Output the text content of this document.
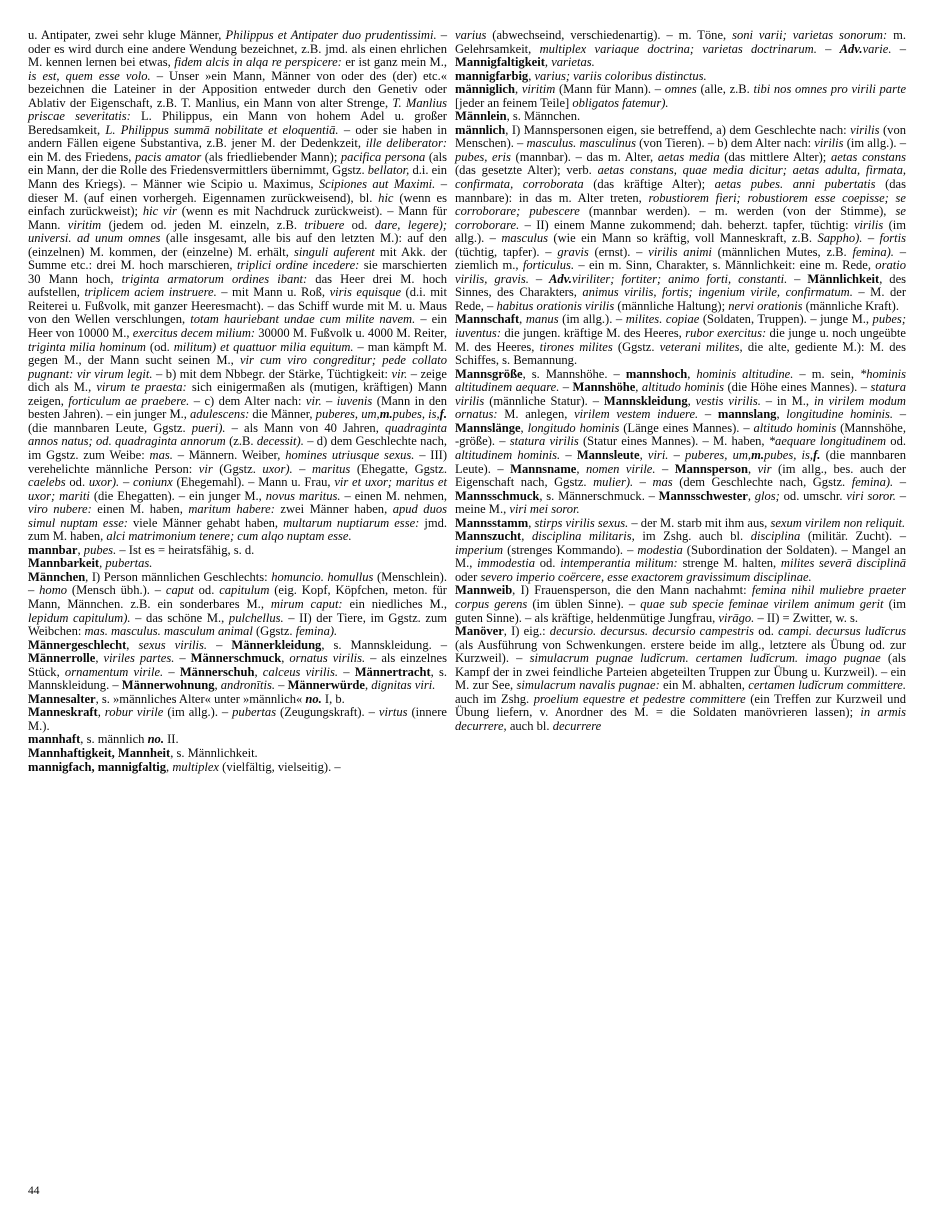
u. Antipater, zwei sehr kluge Männer, Philippus et Antipater duo prudentissimi. – oder es wird durch eine andere Wendung bezeichnet, z.B. jmd. als einen ehrlichen M. kennen lernen bei etwas, fidem alcis in alqa re perspicere: er ist ganz mein M., is est, quem esse volo. – Unser »ein Mann, Männer von oder des (der) etc.« bezeichnen die Lateiner in der Apposition entweder durch den Genetiv oder Ablativ der Eigenschaft, z.B. T. Manlius, ein Mann von alter Strenge, T. Manlius priscae severitatis: L. Philippus, ein Mann von hohem Adel u. großer Beredsamkeit, L. Philippus summā nobilitate et eloquentiā. – oder sie haben in andern Fällen eigene Substantiva, z.B. jener M. der Dedenkzeit, ille deliberator: ein M. des Friedens, pacis amator (als friedliebender Mann); pacifica persona (als ein Mann, der die Rolle des Friedensvermittlers übernimmt, Ggstz. bellator, d.i. ein Mann des Kriegs). – Männer wie Scipio u. Maximus, Scipiones aut Maximi. – dieser M. (auf einen vorhergeh. Eigennamen zurückweisend), bl. hic (wenn es einfach zurückweist); hic vir (wenn es mit Nachdruck zurückweist). – Mann für Mann. viritim (jedem od. jeden M. einzeln, z.B. tribuere od. dare, legere); universi. ad unum omnes (alle insgesamt, alle bis auf den letzten M.): auf den (einzelnen) M. kommen, der (einzelne) M. erhält, singuli auferent mit Akk. der Summe etc.: drei M. hoch marschieren, triplici ordine incedere: sie marschierten 30 Mann hoch, triginta armatorum ordines ibant: das Heer drei M. hoch aufstellen, triplicem aciem instruere. – mit Mann u. Roß, viris equisque (d.i. mit Reiterei u. Fußvolk, mit ganzer Heeresmacht). – das Schiff wurde mit M. u. Maus von den Wellen verschlungen, totam hauriebant undae cum milite navem. – ein Heer von 10000 M., exercitus decem milium: 30000 M. Fußvolk u. 4000 M. Reiter, triginta milia hominum (od. militum) et quattuor milia equitum. – man kämpft M. gegen M., der Mann sucht seinen M., vir cum viro congreditur; pede collato pugnant: vir virum legit. – b) mit dem Nbbegr. der Stärke, Tüchtigkeit: vir. – zeige dich als M., virum te praesta: sich einigermaßen als (mutigen, kräftigen) Mann zeigen, forticulum ae praebere. – c) dem Alter nach: vir. – iuvenis (Mann in den besten Jahren). – ein junger M., adulescens: die Männer, puberes, um,m.pubes, is,f. (die mannbaren Leute, Ggstz. pueri). – als Mann von 40 Jahren, quadraginta annos natus; od. quadraginta annorum (z.B. decessit). – d) dem Geschlechte nach, im Ggstz. zum Weibe: mas. – Männern. Weiber, homines utriusque sexus. – III) verehelichte männliche Person: vir (Ggstz. uxor). – maritus (Ehegatte, Ggstz. caelebs od. uxor). – coniunx (Ehegemahl). – Mann u. Frau, vir et uxor; maritus et uxor; mariti (die Ehegatten). – ein junger M., novus maritus. – einen M. nehmen, viro nubere: einen M. haben, maritum habere: zwei Männer haben, apud duos simul nuptam esse: viele Männer gehabt haben, multarum nuptiarum esse: jmd. zum M. haben, alci matrimonium tenere; cum alqo nuptam esse.

mannbar, pubes. – Ist es = heiratsfähig, s. d.

Mannbarkeit, pubertas.

Männchen, I) Person männlichen Geschlechts: homuncio. homullus (Menschlein). – homo (Mensch übh.). – caput od. capitulum (eig. Kopf, Köpfchen, meton. für Mann, Männchen. z.B. ein sonderbares M., mirum caput: ein niedliches M., lepidum capitulum). – das schöne M., pulchellus. – II) der Tiere, im Ggstz. zum Weibchen: mas. masculus. masculum animal (Ggstz. femina).

Männergeschlecht, sexus virilis. – Männerkleidung, s. Mannskleidung. – Männerrolle, viriles partes. – Männerschmuck, ornatus virilis. – als einzelnes Stück, ornamentum virile. – Männerschuh, calceus virilis. – Männertracht, s. Mannskleidung. – Männerwohnung, andronītis. – Männerwürde, dignitas viri.

Mannesalter, s. »männliches Alter« unter »männlich« no. I, b.

Manneskraft, robur virile (im allg.). – pubertas (Zeugungskraft). – virtus (innere M.).

mannhaft, s. männlich no. II.

Mannhaftigkeit, Mannheit, s. Männlichkeit.

mannigfach, mannigfaltig, multiplex (vielfältig, vielseitig). –

varius (abwechseind, verschiedenartig). – m. Töne, soni varii; varietas sonorum: m. Gelehrsamkeit, multiplex variaque doctrina; varietas doctrinarum. – Adv.varie. – Mannigfaltigkeit, varietas.

mannigfarbig, varius; variis coloribus distinctus.

männiglich, viritim (Mann für Mann). – omnes (alle, z.B. tibi nos omnes pro virili parte [jeder an feinem Teile] obligatos fatemur).

Männlein, s. Männchen.

männlich, I) Mannspersonen eigen, sie betreffend, a) dem Geschlechte nach: virilis (von Menschen). – masculus. masculinus (von Tieren). – b) dem Alter nach: virilis (im allg.). – pubes, eris (mannbar). – das m. Alter, aetas media (das mittlere Alter); aetas constans (das gesetzte Alter); verb. aetas constans, quae media dicitur; aetas adulta, firmata, confirmata, corroborata (das kräftige Alter); aetas pubes. anni pubertatis (das mannbare): in das m. Alter treten, robustiorem fieri; robustiorem esse coepisse; se corroborare; pubescere (mannbar werden). – m. werden (von der Stimme), se corroborare. – II) einem Manne zukommend; dah. beherzt. tapfer, tüchtig: virilis (im allg.). – masculus (wie ein Mann so kräftig, voll Manneskraft, z.B. Sappho). – fortis (tüchtig, tapfer). – gravis (ernst). – virilis animi (männlichen Mutes, z.B. femina). – ziemlich m., forticulus. – ein m. Sinn, Charakter, s. Männlichkeit: eine m. Rede, oratio virilis, gravis. – Adv.viriliter; fortiter; animo forti, constanti. – Männlichkeit, des Sinnes, des Charakters, animus virilis, fortis; ingenium virile, confirmatum. – M. der Rede, – habitus orationis virilis (männliche Haltung); nervi orationis (männliche Kraft).

Mannschaft, manus (im allg.). – milites. copiae (Soldaten, Truppen). – junge M., pubes; iuventus: die jungen. kräftige M. des Heeres, rubor exercitus: die junge u. noch ungeübte M. des Heeres, tirones milites (Ggstz. veterani milites, die alte, gediente M.): M. des Schiffes, s. Bemannung.

Mannsgröße, s. Mannshöhe. – mannshoch, hominis altitudine. – m. sein, *hominis altitudinem aequare. – Mannshöhe, altitudo hominis (die Höhe eines Mannes). – statura virilis (männliche Statur). – Mannskleidung, vestis virilis. – in M., in virilem modum ornatus: M. anlegen, virilem vestem induere. – mannslang, longitudine hominis. – Mannslänge, longitudo hominis (Länge eines Mannes). – altitudo hominis (Mannshöhe, -größe). – statura virilis (Statur eines Mannes). – M. haben, *aequare longitudinem od. altitudinem hominis. – Mannsleute, viri. – puberes, um,m.pubes, is,f. (die mannbaren Leute). – Mannsname, nomen virile. – Mannsperson, vir (im allg., bes. auch der Eigenschaft nach, Ggstz. mulier). – mas (dem Geschlechte nach, Ggstz. femina). – Mannsschmuck, s. Männerschmuck. – Mannsschwester, glos; od. umschr. viri soror. – meine M., viri mei soror.

Mannsstamm, stirps virilis sexus. – der M. starb mit ihm aus, sexum virilem non reliquit.

Mannszucht, disciplina militaris, im Zshg. auch bl. disciplina (militär. Zucht). – imperium (strenges Kommando). – modestia (Subordination der Soldaten). – Mangel an M., immodestia od. intemperantia militum: strenge M. halten, milites severā disciplinā oder severo imperio coërcere, esse exactorem gravissimum disciplinae.

Mannweib, I) Frauensperson, die den Mann nachahmt: femina nihil muliebre praeter corpus gerens (im üblen Sinne). – quae sub specie feminae virilem animum gerit (im guten Sinne). – als kräftige, heldenmütige Jungfrau, virāgo. – II) = Zwitter, w. s.

Manöver, I) eig.: decursio. decursus. decursio campestris od. campi. decursus ludĭcrus (als Ausführung von Schwenkungen. erstere beide im allg., letztere als Übung od. zur Kurzweil). – simulacrum pugnae ludĭcrum. certamen ludĭcrum. imago pugnae (als Kampf der in zwei feindliche Parteien abgeteilten Truppen zur Übung u. Kurzweil). – ein M. zur See, simulacrum navalis pugnae: ein M. abhalten, certamen ludĭcrum committere. auch im Zshg. proelium equestre et pedestre committere (ein Treffen zur Kurzweil und Übung liefern, v. Anordner des M. = die Soldaten manövrieren lassen); in armis decurrere, auch bl. decurrere

44
